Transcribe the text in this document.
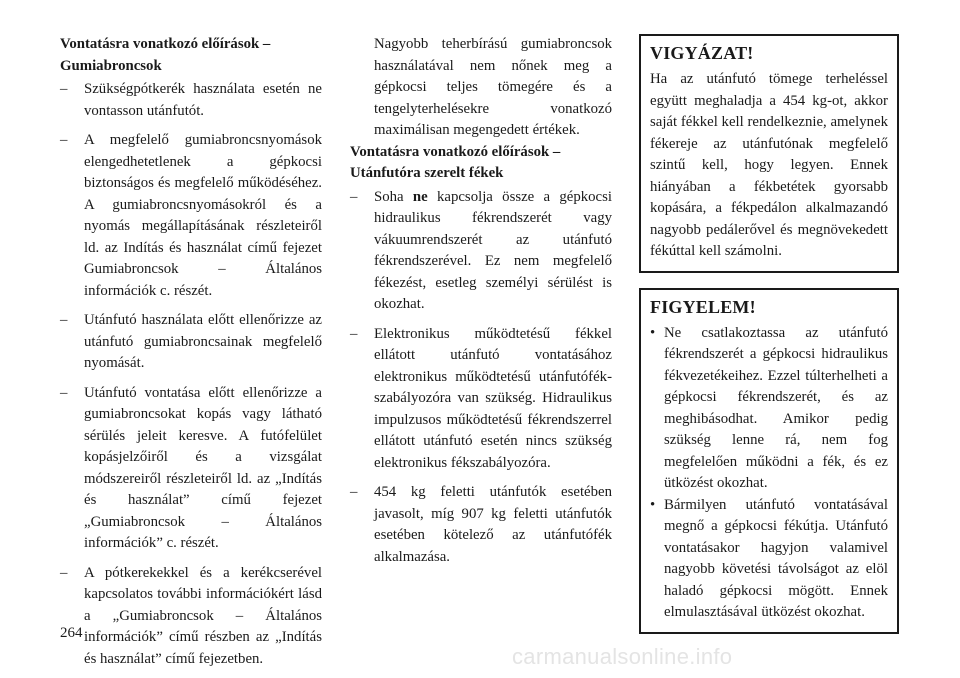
Vontatásra vonatkozó előírások – Gumiabroncsok
– Szükségpótkerék használata esetén ne vontasson utánfutót.
– A megfelelő gumiabroncsnyomások elengedhetetlenek a gépkocsi biztonságos és megfelelő működéséhez. A gumiabroncsnyomásokról és a nyomás megállapításának részleteiről ld. az Indítás és használat című fejezet Gumiabroncsok – Általános információk c. részét.
– Utánfutó használata előtt ellenőrizze az utánfutó gumiabroncsainak megfelelő nyomását.
– Utánfutó vontatása előtt ellenőrizze a gumiabroncsokat kopás vagy látható sérülés jeleit keresve. A futófelület kopásjelzőiről és a vizsgálat módszereiről részleteiről ld. az „Indítás és használat” című fejezet „Gumiabroncsok – Általános információk” c. részét.
– A pótkerekekkel és a kerékcserével kapcsolatos további információkért lásd a „Gumiabroncsok – Általános információk” című részben az „Indítás és használat” című fejezetben.

Nagyobb teherbírású gumiabroncsok használatával nem nőnek meg a gépkocsi teljes tömegére és a tengelyterhelésekre vonatkozó maximálisan megengedett értékek.

Vontatásra vonatkozó előírások – Utánfutóra szerelt fékek
– Soha ne kapcsolja össze a gépkocsi hidraulikus fékrendszerét vagy vákuumrendszerét az utánfutó fékrendszerével. Ez nem megfelelő fékezést, esetleg személyi sérülést is okozhat.
– Elektronikus működtetésű fékkel ellátott utánfutó vontatásához elektronikus működtetésű utánfutófék-szabályozóra van szükség. Hidraulikus impulzusos működtetésű fékrendszerrel ellátott utánfutó esetén nincs szükség elektronikus fékszabályozóra.
– 454 kg feletti utánfutók esetében javasolt, míg 907 kg feletti utánfutók esetében kötelező az utánfutófék alkalmazása.
VIGYÁZAT!

Ha az utánfutó tömege terheléssel együtt meghaladja a 454 kg-ot, akkor saját fékkel kell rendelkeznie, amelynek fékereje az utánfutónak megfelelő szintű kell, hogy legyen. Ennek hiányában a fékbetétek gyorsabb kopására, a fékpedálon alkalmazandó nagyobb pedálerővel és megnövekedett fékúttal kell számolni.

FIGYELEM!
• Ne csatlakoztassa az utánfutó fékrendszerét a gépkocsi hidraulikus fékvezetékeihez. Ezzel túlterhelheti a gépkocsi fékrendszerét, és az meghibásodhat. Amikor pedig szükség lenne rá, nem fog megfelelően működni a fék, és ez ütközést okozhat.
• Bármilyen utánfutó vontatásával megnő a gépkocsi fékútja. Utánfutó vontatásakor hagyjon valamivel nagyobb követési távolságot az elöl haladó gépkocsi mögött. Ennek elmulasztásával ütközést okozhat.
264
carmanualsonline.info
